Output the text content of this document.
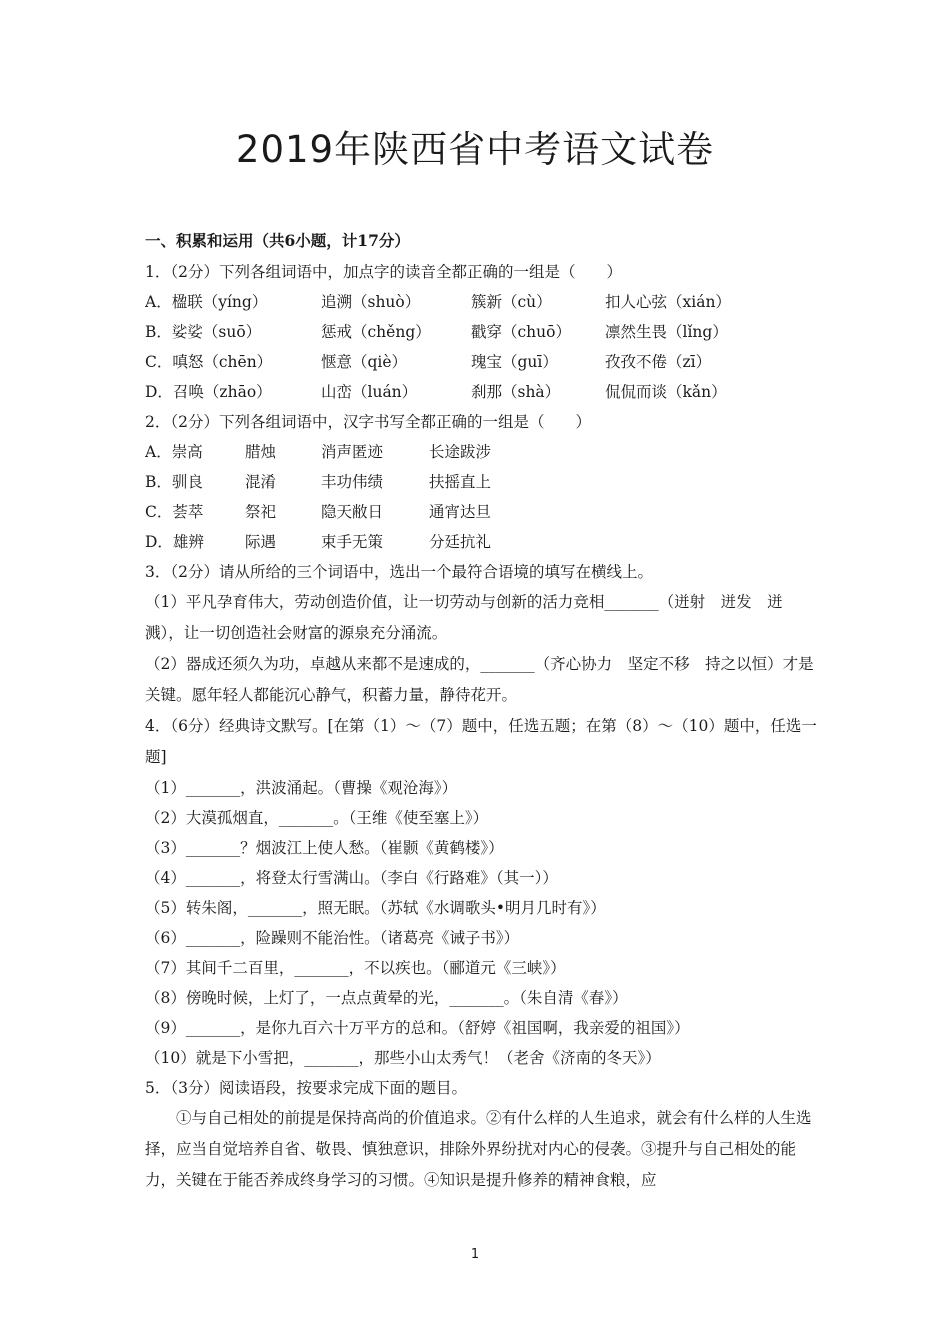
2019年陕西省中考语文试卷
一、积累和运用（共6小题，计17分）
1．（2分）下列各组词语中，加点字的读音全都正确的一组是（　　）
A．楹联（yíng）	追溯（shuò）	簇新（cù）	扣人心弦（xián）
B．娑娑（suō）	惩戒（chěng）	戳穿（chuō）	凛然生畏（lǐng）
C．嗔怒（chēn）	惬意（qiè）	瑰宝（guī）	孜孜不倦（zī）
D．召唤（zhāo）	山峦（luán）	刹那（shà）	侃侃而谈（kǎn）
2．（2分）下列各组词语中，汉字书写全都正确的一组是（　　）
A．崇高	腊烛	消声匿迹	长途跋涉
B．驯良	混淆	丰功伟绩	扶摇直上
C．荟萃	祭祀	隐天敝日	通宵达旦
D．雄辨	际遇	束手无策	分廷抗礼
3．（2分）请从所给的三个词语中，选出一个最符合语境的填写在横线上。
（1）平凡孕育伟大，劳动创造价值，让一切劳动与创新的活力竞相_______（迸射　迸发　迸溅），让一切创造社会财富的源泉充分涌流。
（2）器成还须久为功，卓越从来都不是速成的，_______（齐心协力　坚定不移　持之以恒）才是关键。愿年轻人都能沉心静气，积蓄力量，静待花开。
4．（6分）经典诗文默写。[在第（1）～（7）题中，任选五题；在第（8）～（10）题中，任选一题]
（1）_______，洪波涌起。（曹操《观沧海》）
（2）大漠孤烟直，_______。（王维《使至塞上》）
（3）_______？烟波江上使人愁。（崔颢《黄鹤楼》）
（4）_______，将登太行雪满山。（李白《行路难》（其一））
（5）转朱阁，_______，照无眠。（苏轼《水调歌头•明月几时有》）
（6）_______，险躁则不能治性。（诸葛亮《诫子书》）
（7）其间千二百里，_______，不以疾也。（郦道元《三峡》）
（8）傍晚时候，上灯了，一点点黄晕的光，_______。（朱自清《春》）
（9）_______，是你九百六十万平方的总和。（舒婷《祖国啊，我亲爱的祖国》）
（10）就是下小雪把，_______，那些小山太秀气！（老舍《济南的冬天》）
5．（3分）阅读语段，按要求完成下面的题目。
①与自己相处的前提是保持高尚的价值追求。②有什么样的人生追求，就会有什么样的人生选择，应当自觉培养自省、敬畏、慎独意识，排除外界纷扰对内心的侵袭。③提升与自己相处的能力，关键在于能否养成终身学习的习惯。④知识是提升修养的精神食粮，应
1
